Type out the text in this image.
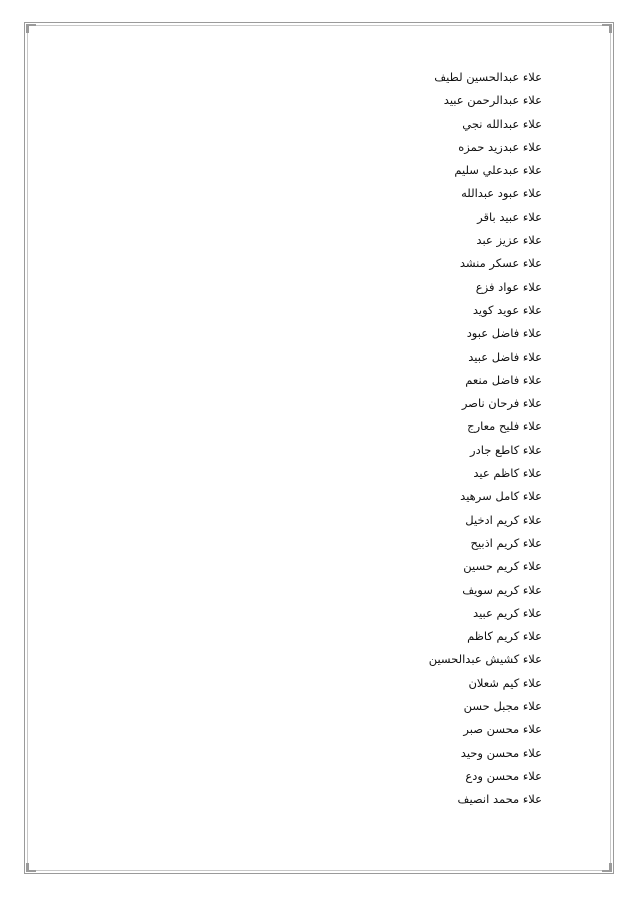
علاء عبدالحسين لطيف
علاء عبدالرحمن عبيد
علاء عبدالله نجي
علاء عبدزيد حمزه
علاء عبدعلي سليم
علاء عبود عبدالله
علاء عبيد باقر
علاء عزيز عبد
علاء عسكر منشد
علاء عواد فزع
علاء عويد كويد
علاء فاضل عبود
علاء فاضل عبيد
علاء فاضل منعم
علاء فرحان ناصر
علاء فليح معارج
علاء كاطع جادر
علاء كاظم عيد
علاء كامل سرهيد
علاء كريم ادخيل
علاء كريم اذبيح
علاء كريم حسين
علاء كريم سويف
علاء كريم عبيد
علاء كريم كاظم
علاء كشيش عبدالحسين
علاء كيم شعلان
علاء مجبل حسن
علاء محسن صبر
علاء محسن وحيد
علاء محسن ودع
علاء محمد انصيف
